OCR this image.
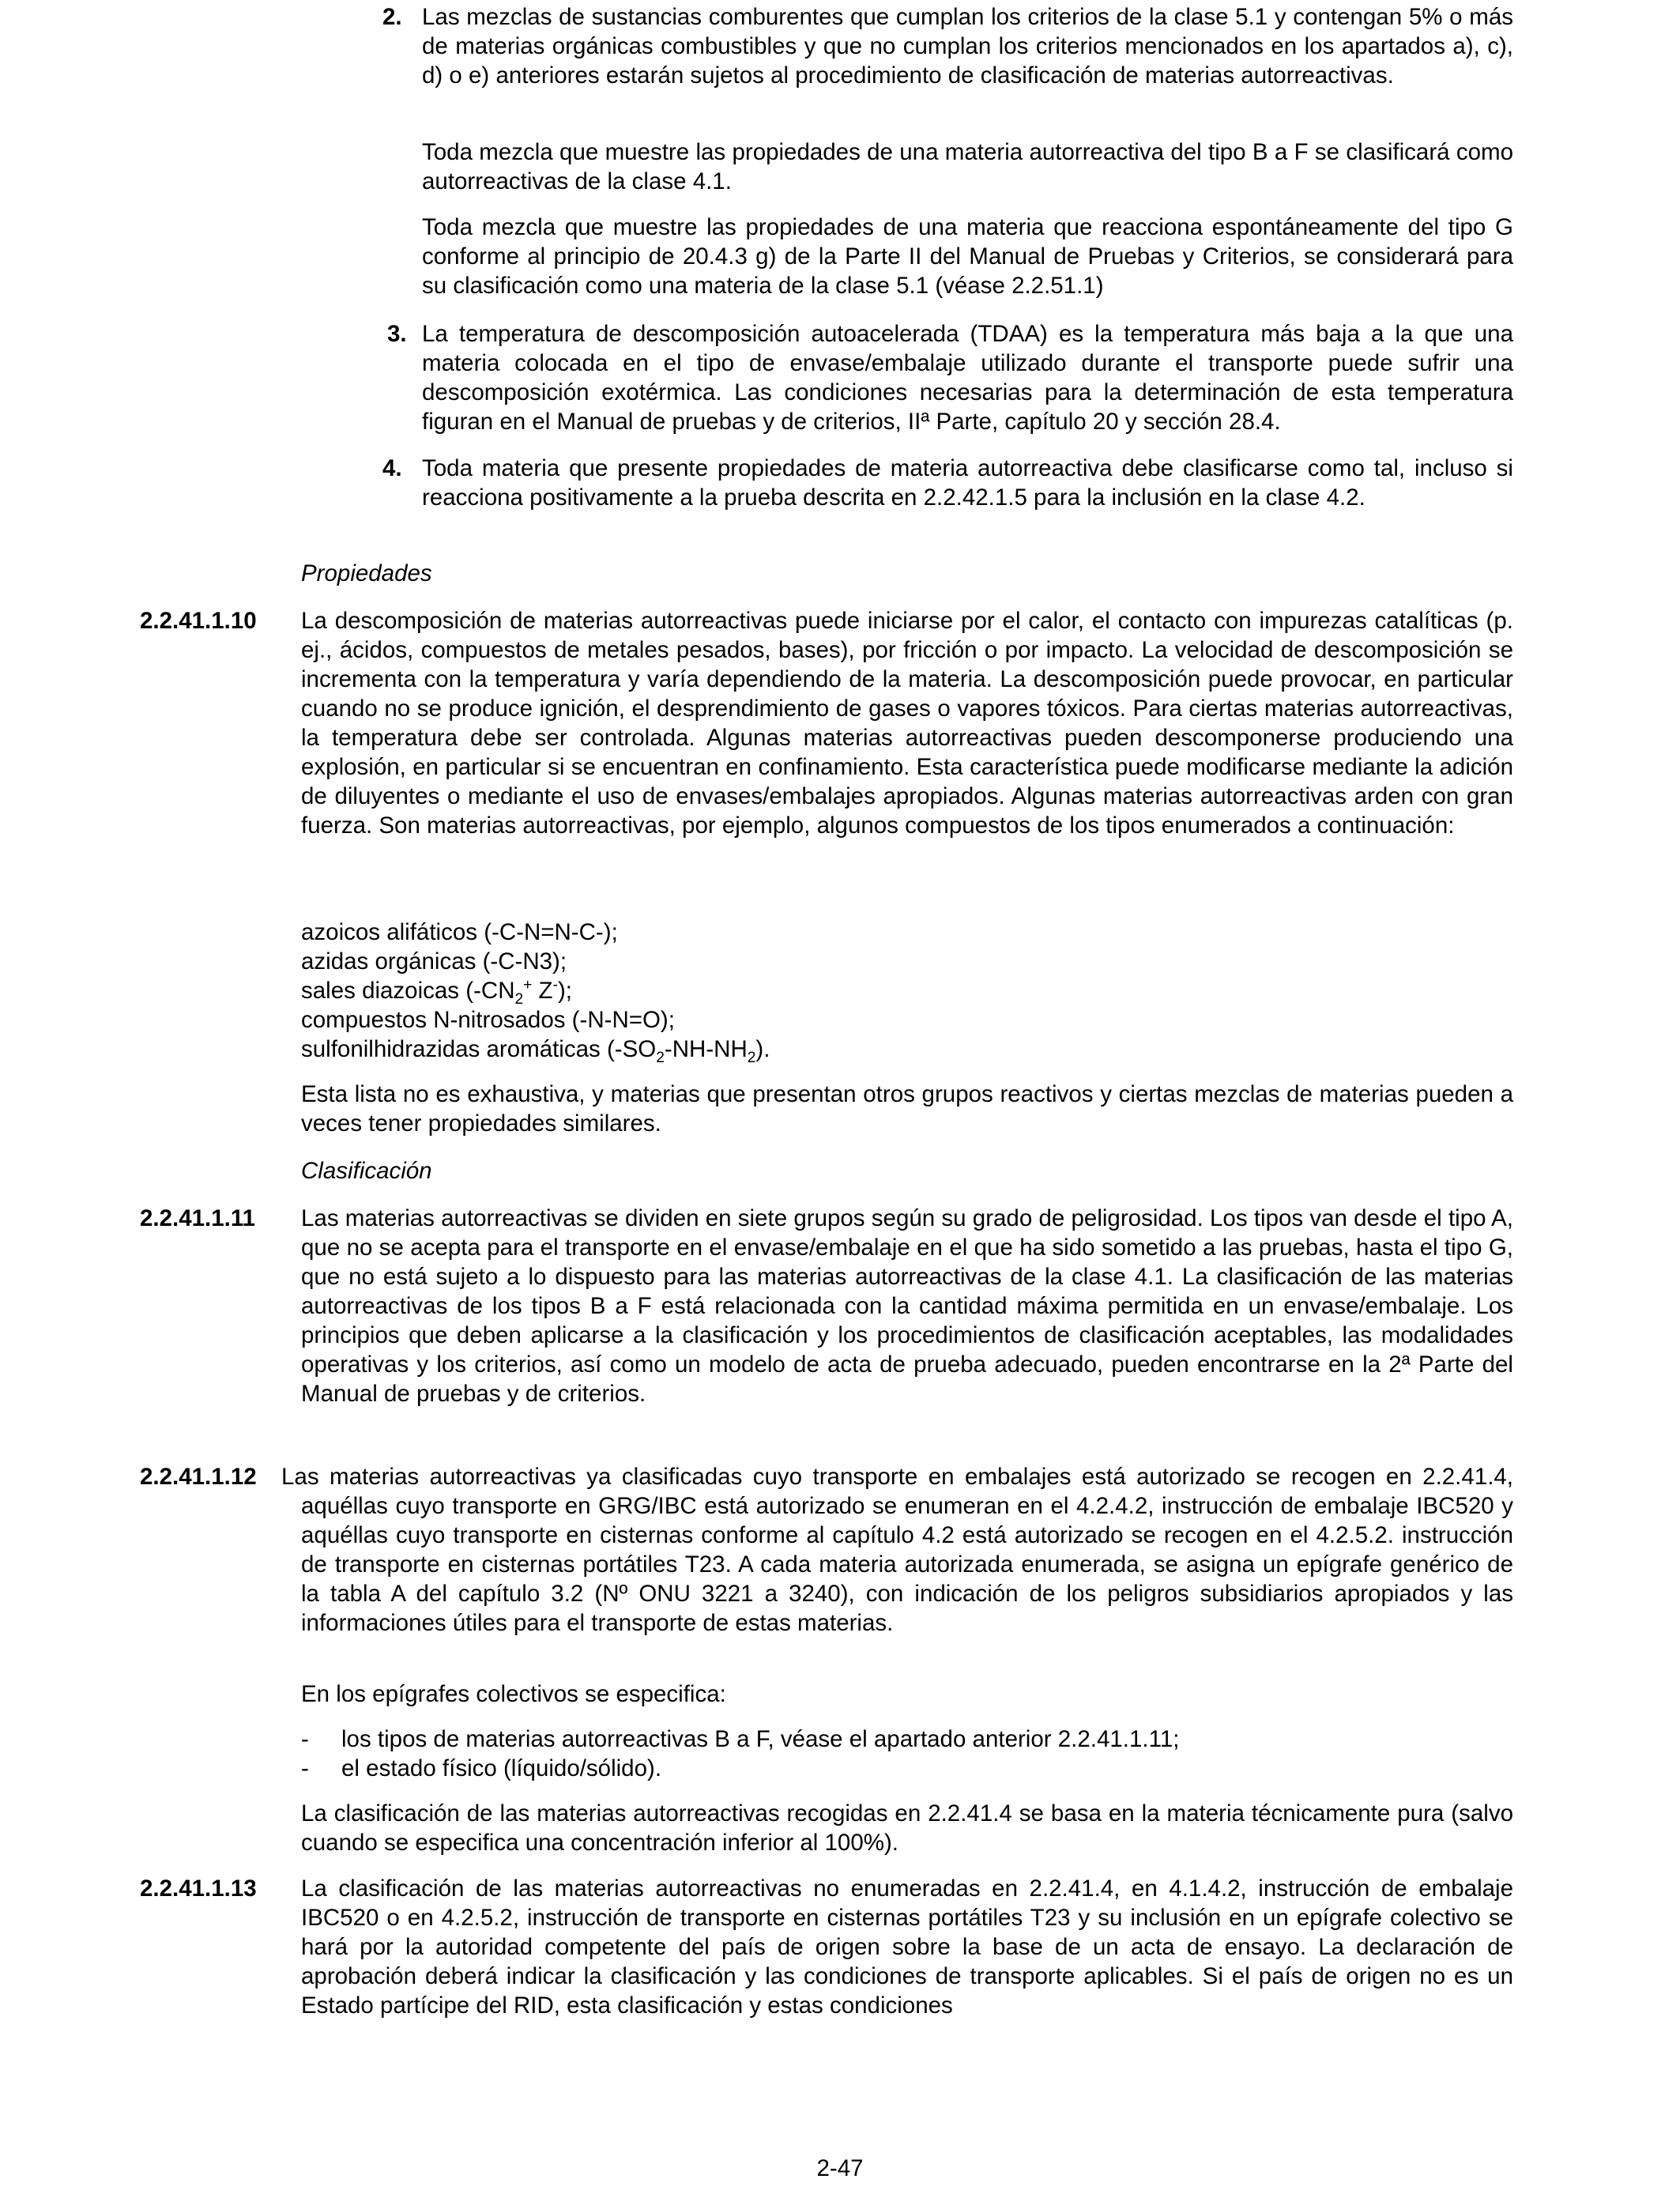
2. Las mezclas de sustancias comburentes que cumplan los criterios de la clase 5.1 y contengan 5% o más de materias orgánicas combustibles y que no cumplan los criterios mencionados en los apartados a), c), d) o e) anteriores estarán sujetos al procedimiento de clasificación de materias autorreactivas.

Toda mezcla que muestre las propiedades de una materia autorreactiva del tipo B a F se clasificará como autorreactivas de la clase 4.1.

Toda mezcla que muestre las propiedades de una materia que reacciona espontáneamente del tipo G conforme al principio de 20.4.3 g) de la Parte II del Manual de Pruebas y Criterios, se considerará para su clasificación como una materia de la clase 5.1 (véase 2.2.51.1)

3. La temperatura de descomposición autoacelerada (TDAA) es la temperatura más baja a la que una materia colocada en el tipo de envase/embalaje utilizado durante el transporte puede sufrir una descomposición exotérmica. Las condiciones necesarias para la determinación de esta temperatura figuran en el Manual de pruebas y de criterios, IIª Parte, capítulo 20 y sección 28.4.

4. Toda materia que presente propiedades de materia autorreactiva debe clasificarse como tal, incluso si reacciona positivamente a la prueba descrita en 2.2.42.1.5 para la inclusión en la clase 4.2.

Propiedades
2.2.41.1.10 La descomposición de materias autorreactivas puede iniciarse por el calor, el contacto con impurezas catalíticas (p. ej., ácidos, compuestos de metales pesados, bases), por fricción o por impacto. La velocidad de descomposición se incrementa con la temperatura y varía dependiendo de la materia. La descomposición puede provocar, en particular cuando no se produce ignición, el desprendimiento de gases o vapores tóxicos. Para ciertas materias autorreactivas, la temperatura debe ser controlada. Algunas materias autorreactivas pueden descomponerse produciendo una explosión, en particular si se encuentran en confinamiento. Esta característica puede modificarse mediante la adición de diluyentes o mediante el uso de envases/embalajes apropiados. Algunas materias autorreactivas arden con gran fuerza. Son materias autorreactivas, por ejemplo, algunos compuestos de los tipos enumerados a continuación:

azoicos alifáticos (-C-N=N-C-);
azidas orgánicas (-C-N3);
sales diazoicas ($-CN_2^+$ Z-);
compuestos N-nitrosados (-N-N=O);
sulfonilhidrazidas aromáticas $(-SO_2-NH-NH_2)$.

Esta lista no es exhaustiva, y materias que presentan otros grupos reactivos y ciertas mezclas de materias pueden a veces tener propiedades similares.

Clasificación
2.2.41.1.11 Las materias autorreactivas se dividen en siete grupos según su grado de peligrosidad. Los tipos van desde el tipo A, que no se acepta para el transporte en el envase/embalaje en el que ha sido sometido a las pruebas, hasta el tipo G, que no está sujeto a lo dispuesto para las materias autorreactivas de la clase 4.1. La clasificación de las materias autorreactivas de los tipos B a F está relacionada con la cantidad máxima permitida en un envase/embalaje. Los principios que deben aplicarse a la clasificación y los procedimientos de clasificación aceptables, las modalidades operativas y los criterios, así como un modelo de acta de prueba adecuado, pueden encontrarse en la 2ª Parte del Manual de pruebas y de criterios.

2.2.41.1.12 Las materias autorreactivas ya clasificadas cuyo transporte en embalajes está autorizado se recogen en 2.2.41.4, aquéllas cuyo transporte en GRG/IBC está autorizado se enumeran en el 4.2.4.2, instrucción de embalaje IBC520 y aquéllas cuyo transporte en cisternas conforme al capítulo 4.2 está autorizado se recogen en el 4.2.5.2. instrucción de transporte en cisternas portátiles T23. A cada materia autorizada enumerada, se asigna un epígrafe genérico de la tabla A del capítulo 3.2 (Nº ONU 3221 a 3240), con indicación de los peligros subsidiarios apropiados y las informaciones útiles para el transporte de estas materias.

En los epígrafes colectivos se especifica:

- los tipos de materias autorreactivas B a F, véase el apartado anterior 2.2.41.1.11;
- el estado físico (líquido/sólido).

La clasificación de las materias autorreactivas recogidas en 2.2.41.4 se basa en la materia técnicamente pura (salvo cuando se especifica una concentración inferior al 100%).

2.2.41.1.13 La clasificación de las materias autorreactivas no enumeradas en 2.2.41.4, en 4.1.4.2, instrucción de embalaje IBC520 o en 4.2.5.2, instrucción de transporte en cisternas portátiles T23 y su inclusión en un epígrafe colectivo se hará por la autoridad competente del país de origen sobre la base de un acta de ensayo. La declaración de aprobación deberá indicar la clasificación y las condiciones de transporte aplicables. Si el país de origen no es un Estado partícipe del RID, esta clasificación y estas condiciones

2-47
